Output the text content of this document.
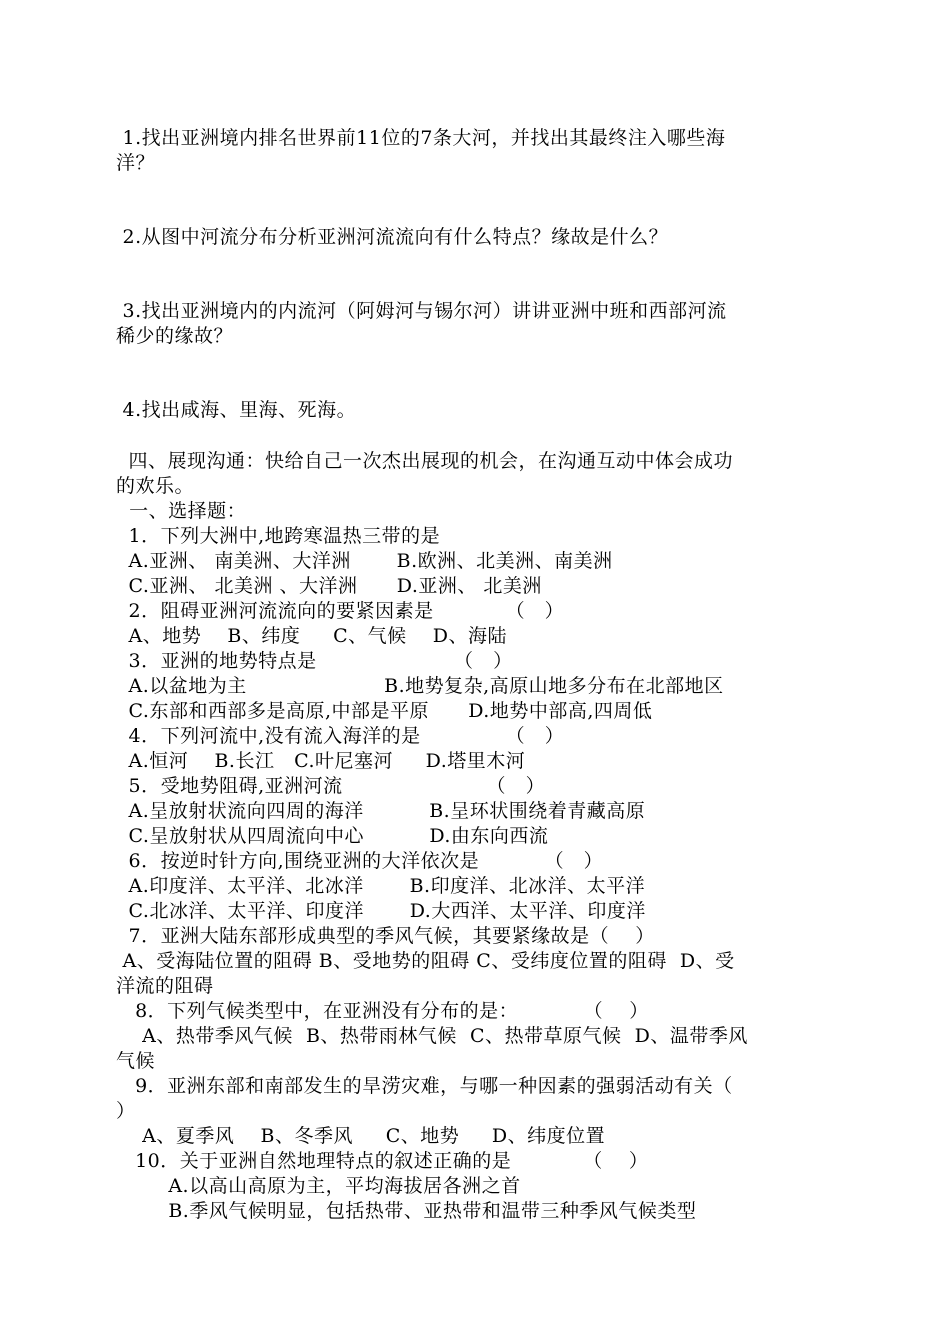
1.找出亚洲境内排名世界前11位的7条大河，并找出其最终注入哪些海
洋？
2.从图中河流分布分析亚洲河流流向有什么特点？缘故是什么？
3.找出亚洲境内的内流河（阿姆河与锡尔河）讲讲亚洲中班和西部河流
稀少的缘故？
4.找出咸海、里海、死海。
四、展现沟通：快给自己一次杰出展现的机会，在沟通互动中体会成功
的欢乐。
一、选择题：
1．下列大洲中,地跨寒温热三带的是
A.亚洲、 南美洲、大洋洲       B.欧洲、北美洲、南美洲
C.亚洲、 北美洲 、大洋洲      D.亚洲、 北美洲
2．阻碍亚洲河流流向的要紧因素是           （   ）
A、地势    B、纬度     C、气候    D、海陆
3．亚洲的地势特点是                     （   ）
A.以盆地为主                     B.地势复杂,高原山地多分布在北部地区
C.东部和西部多是高原,中部是平原      D.地势中部高,四周低
4．下列河流中,没有流入海洋的是             （   ）
A.恒河    B.长江   C.叶尼塞河     D.塔里木河
5．受地势阻碍,亚洲河流                      （   ）
A.呈放射状流向四周的海洋          B.呈环状围绕着青藏高原
C.呈放射状从四周流向中心          D.由东向西流
6．按逆时针方向,围绕亚洲的大洋依次是          （   ）
A.印度洋、太平洋、北冰洋       B.印度洋、北冰洋、太平洋
C.北冰洋、太平洋、印度洋       D.大西洋、太平洋、印度洋
7．亚洲大陆东部形成典型的季风气候，其要紧缘故是（    ）
A、受海陆位置的阻碍 B、受地势的阻碍 C、受纬度位置的阻碍  D、受
洋流的阻碍
8．下列气候类型中，在亚洲没有分布的是：          （    ）
A、热带季风气候  B、热带雨林气候  C、热带草原气候  D、温带季风
气候
9．亚洲东部和南部发生的旱涝灾难，与哪一种因素的强弱活动有关（
）
A、夏季风    B、冬季风     C、地势     D、纬度位置
10．关于亚洲自然地理特点的叙述正确的是           （    ）
A.以高山高原为主，平均海拔居各洲之首
B.季风气候明显，包括热带、亚热带和温带三种季风气候类型
